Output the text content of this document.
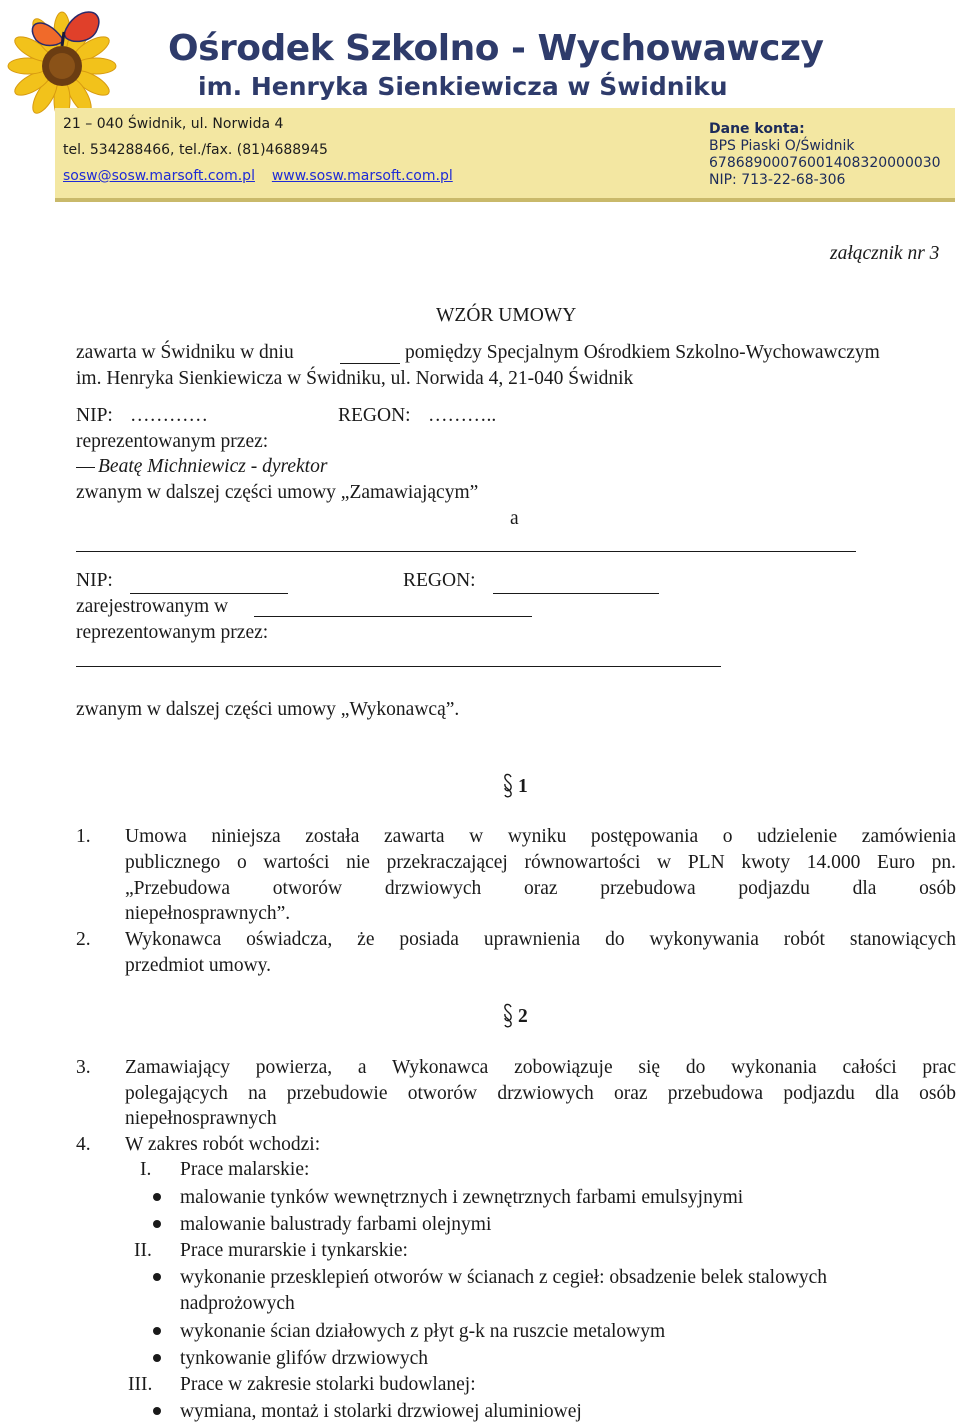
Ośrodek Szkolno - Wychowawczy
im. Henryka Sienkiewicza w Świdniku
21 – 040 Świdnik, ul. Norwida 4
tel. 534288466, tel./fax. (81)4688945
sosw@sosw.marsoft.com.pl www.sosw.marsoft.com.pl
Dane konta:
BPS Piaski O/Świdnik
67868900076001408320000030
NIP: 713-22-68-306
załącznik nr 3
WZÓR UMOWY
zawarta w Świdniku w dniu	pomiędzy Specjalnym Ośrodkiem Szkolno-Wychowawczym
im. Henryka Sienkiewicza w Świdniku, ul. Norwida 4, 21-040 Świdnik
NIP: …………	REGON: ………..
reprezentowanym przez:
Beatę Michniewicz - dyrektor
zwanym w dalszej części umowy „Zamawiającym”
a
NIP:	REGON:
zarejestrowanym w
reprezentowanym przez:
zwanym w dalszej części umowy „Wykonawcą”.
1
1. Umowa niniejsza została zawarta w wyniku postępowania o udzielenie zamówienia
publicznego o wartości nie przekraczającej równowartości w PLN kwoty 14.000 Euro pn.
„Przebudowa otworów drzwiowych oraz przebudowa podjazdu dla osób
niepełnosprawnych”.
2. Wykonawca oświadcza, że posiada uprawnienia do wykonywania robót stanowiących
przedmiot umowy.
2
3. Zamawiający powierza, a Wykonawca zobowiązuje się do wykonania całości prac
polegających na przebudowie otworów drzwiowych oraz przebudowa podjazdu dla osób
niepełnosprawnych
4. W zakres robót wchodzi:
I. Prace malarskie:
malowanie tynków wewnętrznych i zewnętrznych farbami emulsyjnymi
malowanie balustrady farbami olejnymi
II. Prace murarskie i tynkarskie:
wykonanie przesklepień otworów w ścianach z cegieł: obsadzenie belek stalowych
nadprożowych
wykonanie ścian działowych z płyt g-k na ruszcie metalowym
tynkowanie glifów drzwiowych
III. Prace w zakresie stolarki budowlanej:
wymiana, montaż i stolarki drzwiowej aluminiowej
